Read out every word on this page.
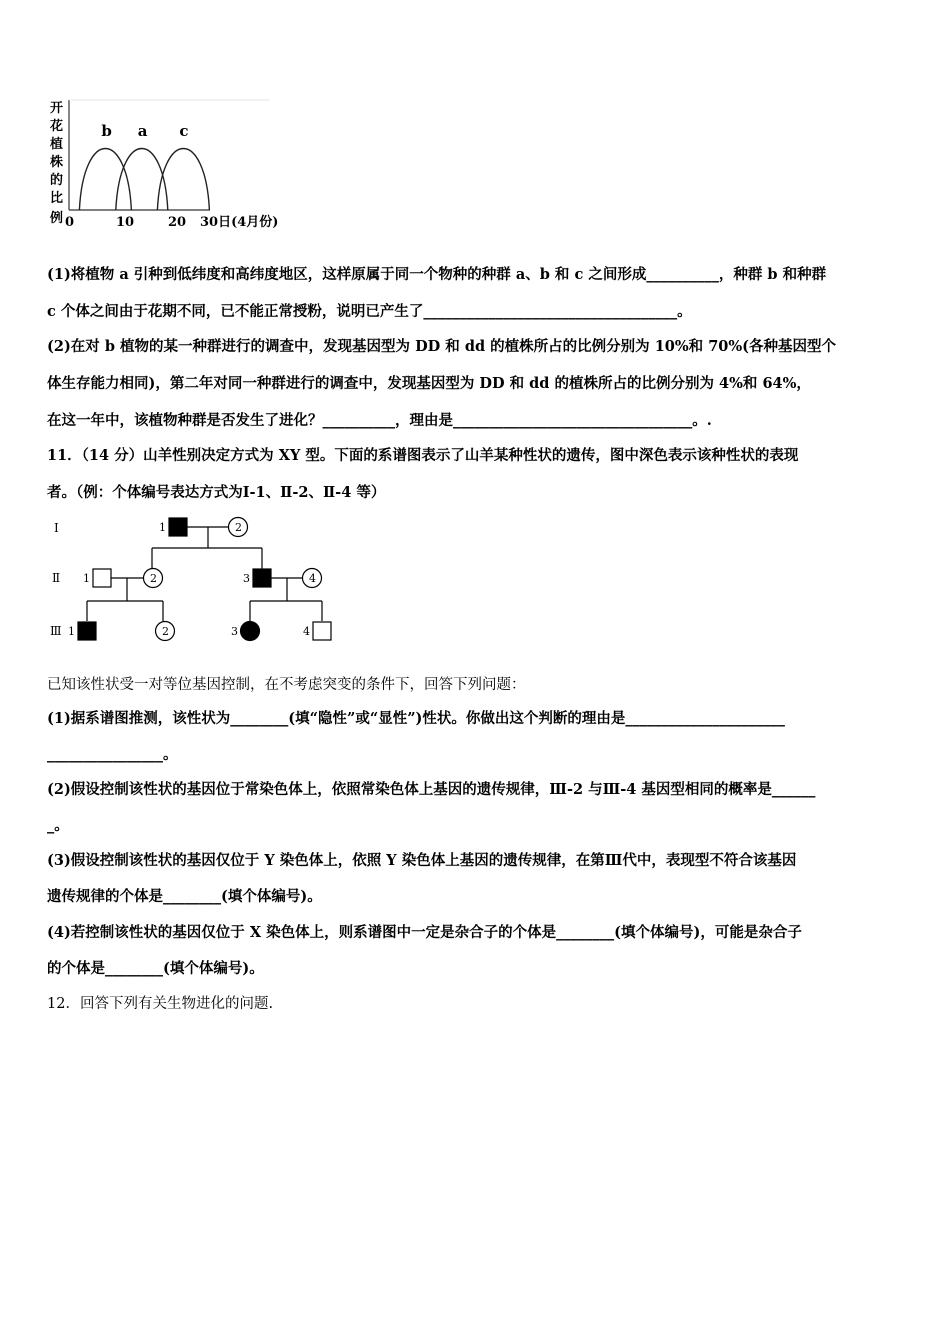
开
花
植
株
的
比
例 0	10	20 30日(4月份)
b a c
(1)将植物 a 引种到低纬度和高纬度地区，这样原属于同一个物种的种群 a、b 和 c 之间形成__________，种群 b 和种群
c 个体之间由于花期不同，已不能正常授粉，说明已产生了___________________________________。
(2)在对 b 植物的某一种群进行的调查中，发现基因型为 DD 和 dd 的植株所占的比例分别为 10%和 70%(各种基因型个
体生存能力相同)，第二年对同一种群进行的调查中，发现基因型为 DD 和 dd 的植株所占的比例分别为 4%和 64%，
在这一年中，该植物种群是否发生了进化？__________，理由是_________________________________。.
11．（14 分）山羊性别决定方式为 XY 型。下面的系谱图表示了山羊某种性状的遗传，图中深色表示该种性状的表现
者。（例：个体编号表达方式为Ⅰ-1、Ⅱ-2、Ⅱ-4 等）
Ⅰ
Ⅱ
Ⅲ
1	2
1	2	3	4
1	2	3	4
已知该性状受一对等位基因控制，在不考虑突变的条件下，回答下列问题：
(1)据系谱图推测，该性状为________(填“隐性”或“显性”)性状。你做出这个判断的理由是______________________
________________。
(2)假设控制该性状的基因位于常染色体上，依照常染色体上基因的遗传规律，Ⅲ-2 与Ⅲ-4 基因型相同的概率是______
_。
(3)假设控制该性状的基因仅位于 Y 染色体上，依照 Y 染色体上基因的遗传规律，在第Ⅲ代中，表现型不符合该基因
遗传规律的个体是________(填个体编号)。
(4)若控制该性状的基因仅位于 X 染色体上，则系谱图中一定是杂合子的个体是________(填个体编号)，可能是杂合子
的个体是________(填个体编号)。
12．回答下列有关生物进化的问题.
